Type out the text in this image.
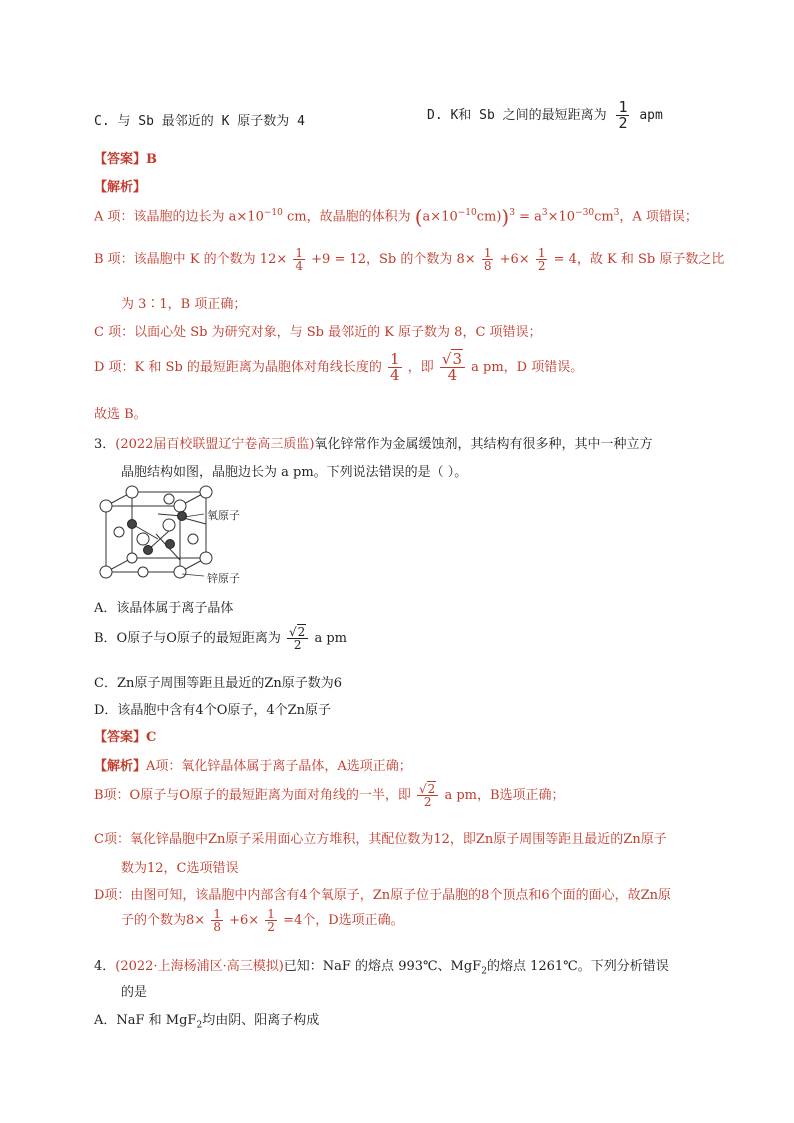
C. 与 Sb 最邻近的 K 原子数为 4	D. K和 Sb 之间的最短距离为 $\frac{1}{2}$ apm
【答案】B
【解析】
A 项：该晶胞的边长为 $a\times 10^{-10}$ cm，故晶胞的体积为 $(a\times 10^{-10}cm))^3 = a^3\times 10^{-30}cm^3$，A 项错误；
B 项：该晶胞中 K 的个数为 $12\times \frac{1}{4} +9 = 12$，Sb 的个数为 $8\times \frac{1}{8} +6\times \frac{1}{2} = 4$，故 K 和 Sb 原子数之比
为 3∶1，B 项正确；
C 项：以面心处 Sb 为研究对象，与 Sb 最邻近的 K 原子数为 8，C 项错误；
D 项：K 和 Sb 的最短距离为晶胞体对角线长度的 $\frac{1}{4}$ ，即 $\frac{√3}{4}$ a pm，D 项错误。
故选 B。
3．(2022届百校联盟辽宁卷高三质监)氧化锌常作为金属缓蚀剂，其结构有很多种，其中一种立方
晶胞结构如图，晶胞边长为 a pm。下列说法错误的是（ ）。
氧原子
锌原子
A．该晶体属于离子晶体
B．O原子与O原子的最短距离为 $\frac{√2}{2}$ a pm
C．Zn原子周围等距且最近的Zn原子数为6
D．该晶胞中含有4个O原子，4个Zn原子
【答案】C
【解析】A项：氧化锌晶体属于离子晶体，A选项正确；
B项：O原子与O原子的最短距离为面对角线的一半，即 $\frac{√2}{2}$ a pm，B选项正确；
C项：氧化锌晶胞中Zn原子采用面心立方堆积，其配位数为12，即Zn原子周围等距且最近的Zn原子
数为12，C选项错误
D项：由图可知，该晶胞中内部含有4个氧原子，Zn原子位于晶胞的8个顶点和6个面的面心，故Zn原
子的个数为$8\times \frac{1}{8} +6\times \frac{1}{2} =4$个，D选项正确。
4．(2022·上海杨浦区·高三模拟)已知：NaF 的熔点 993℃、MgF$_2$的熔点 1261℃。下列分析错误
的是
A．NaF 和 MgF$_2$均由阴、阳离子构成
